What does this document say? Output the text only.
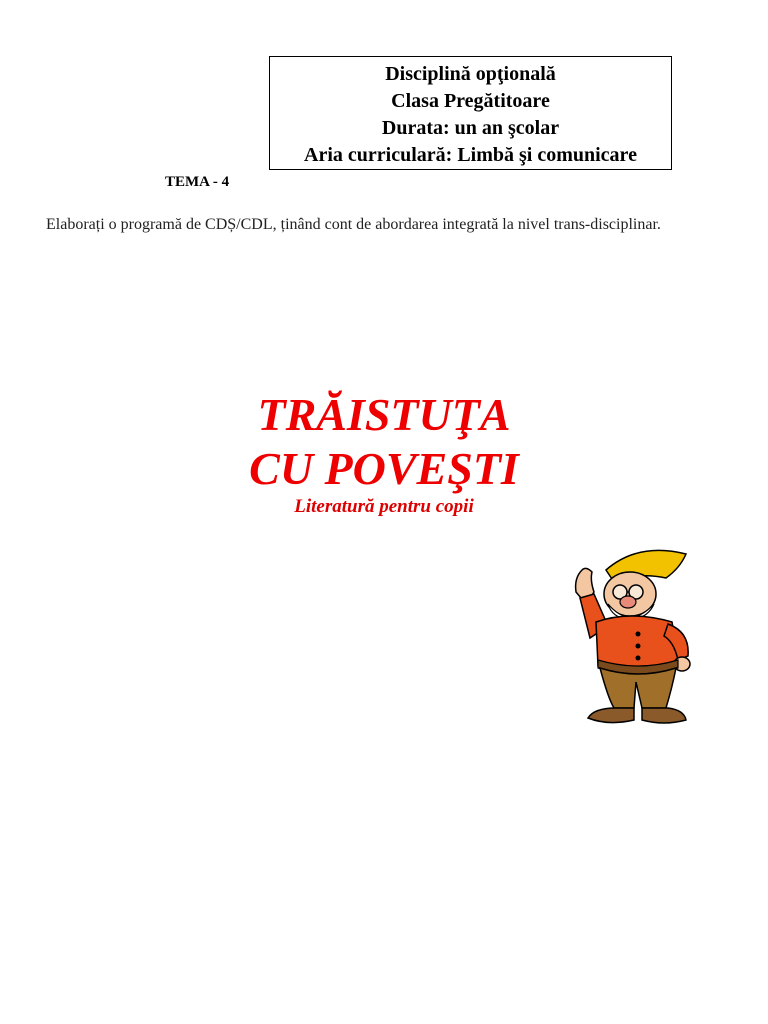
Disciplină opţională
Clasa Pregătitoare
Durata: un an şcolar
Aria curriculară: Limbă şi comunicare
TEMA - 4
Elaborați o programă de CDȘ/CDL, ținând cont de abordarea integrată la nivel trans-disciplinar.
TRĂISTUŢA
CU POVEŞTI
Literatură pentru copii
